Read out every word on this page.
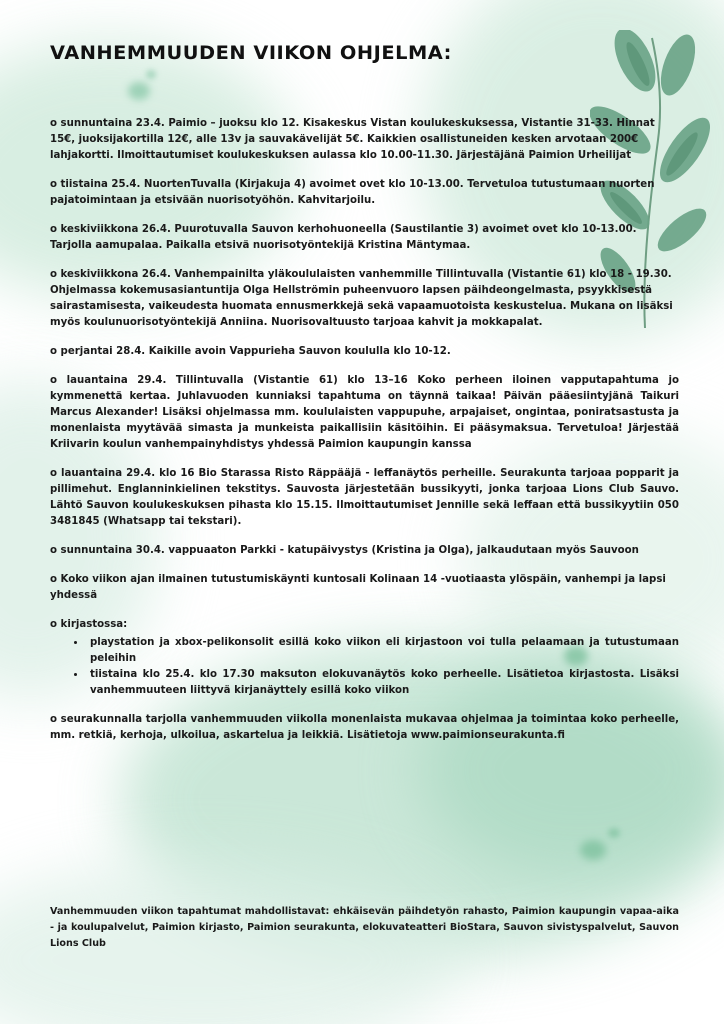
VANHEMMUUDEN VIIKON OHJELMA:

o sunnuntaina 23.4. Paimio – juoksu klo 12. Kisakeskus Vistan koulukeskuksessa, Vistantie 31-33. Hinnat 15€, juoksijakortilla 12€, alle 13v ja sauvakävelijät 5€. Kaikkien osallistuneiden kesken arvotaan 200€ lahjakortti. Ilmoittautumiset koulukeskuksen aulassa klo 10.00-11.30. Järjestäjänä Paimion Urheilijat

o tiistaina 25.4. NuortenTuvalla (Kirjakuja 4) avoimet ovet klo 10-13.00. Tervetuloa tutustumaan nuorten pajatoimintaan ja etsivään nuorisotyöhön. Kahvitarjoilu.

o keskiviikkona 26.4. Puurotuvalla Sauvon kerhohuoneella (Saustilantie 3) avoimet ovet klo 10-13.00. Tarjolla aamupalaa. Paikalla etsivä nuorisotyöntekijä Kristina Mäntymaa.

o keskiviikkona 26.4. Vanhempainilta yläkoululaisten vanhemmille Tillintuvalla (Vistantie 61) klo 18 - 19.30. Ohjelmassa kokemusasiantuntija Olga Hellströmin puheenvuoro lapsen päihdeongelmasta, psyykkisestä sairastamisesta, vaikeudesta huomata ennusmerkkejä sekä vapaamuotoista keskustelua. Mukana on lisäksi myös koulunuorisotyöntekijä Anniina. Nuorisovaltuusto tarjoaa kahvit ja mokkapalat.

o perjantai 28.4. Kaikille avoin Vappurieha Sauvon koululla klo 10-12.

o lauantaina 29.4. Tillintuvalla (Vistantie 61) klo 13–16 Koko perheen iloinen vapputapahtuma jo kymmenettä kertaa. Juhlavuoden kunniaksi tapahtuma on täynnä taikaa! Päivän pääesiintyjänä Taikuri Marcus Alexander! Lisäksi ohjelmassa mm. koululaisten vappupuhe, arpajaiset, ongintaa, poniratsastusta ja monenlaista myytävää simasta ja munkeista paikallisiin käsitöihin. Ei pääsymaksua. Tervetuloa! Järjestää Kriivarin koulun vanhempainyhdistys yhdessä Paimion kaupungin kanssa

o lauantaina 29.4. klo 16 Bio Starassa Risto Räppääjä - leffanäytös perheille. Seurakunta tarjoaa popparit ja pillimehut. Englanninkielinen tekstitys. Sauvosta järjestetään bussikyyti, jonka tarjoaa Lions Club Sauvo. Lähtö Sauvon koulukeskuksen pihasta klo 15.15. Ilmoittautumiset Jennille sekä leffaan että bussikyytiin 050 3481845 (Whatsapp tai tekstari).

o sunnuntaina 30.4. vappuaaton Parkki - katupäivystys (Kristina ja Olga), jalkaudutaan myös Sauvoon

o Koko viikon ajan ilmainen tutustumiskäynti kuntosali Kolinaan 14 -vuotiaasta ylöspäin, vanhempi ja lapsi yhdessä

o kirjastossa:

• playstation ja xbox-pelikonsolit esillä koko viikon eli kirjastoon voi tulla pelaamaan ja tutustumaan peleihin
• tiistaina klo 25.4. klo 17.30 maksuton elokuvanäytös koko perheelle. Lisätietoa kirjastosta. Lisäksi vanhemmuuteen liittyvä kirjanäyttely esillä koko viikon

o seurakunnalla tarjolla vanhemmuuden viikolla monenlaista mukavaa ohjelmaa ja toimintaa koko perheelle, mm. retkiä, kerhoja, ulkoilua, askartelua ja leikkiä. Lisätietoja www.paimionseurakunta.fi

Vanhemmuuden viikon tapahtumat mahdollistavat: ehkäisevän päihdetyön rahasto, Paimion kaupungin vapaa-aika - ja koulupalvelut, Paimion kirjasto, Paimion seurakunta, elokuvateatteri BioStara, Sauvon sivistyspalvelut, Sauvon Lions Club
